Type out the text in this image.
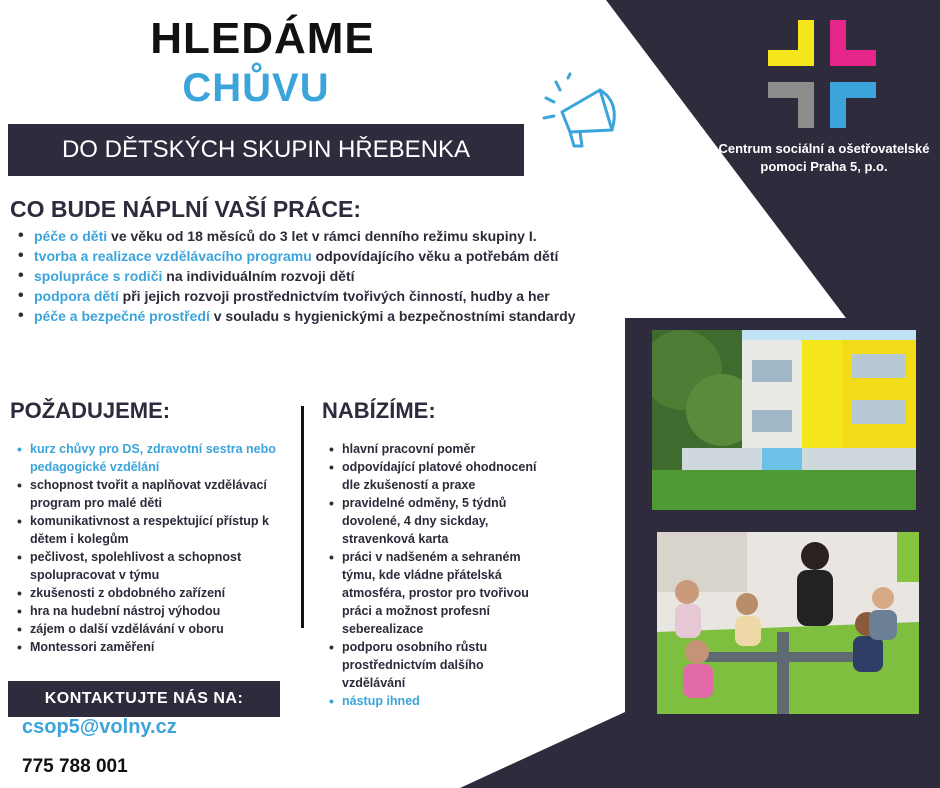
HLEDÁME
CHŮVU
DO DĚTSKÝCH SKUPIN HŘEBENKA	Centrum sociální a ošetřovatelské pomoci Praha 5, p.o.
CO BUDE NÁPLNÍ VAŠÍ PRÁCE:
• péče o děti ve věku od 18 měsíců do 3 let v rámci denního režimu skupiny I.
• tvorba a realizace vzdělávacího programu odpovídajícího věku a potřebám dětí
• spolupráce s rodiči na individuálním rozvoji dětí
• podpora dětí při jejich rozvoji prostřednictvím tvořivých činností, hudby a her
• péče a bezpečné prostředí v souladu s hygienickými a bezpečnostními standardy
POŽADUJEME:
• kurz chůvy pro DS, zdravotní sestra nebo pedagogické vzdělání
• schopnost tvořit a naplňovat vzdělávací program pro malé děti
• komunikativnost a respektující přístup k dětem i kolegům
• pečlivost, spolehlivost a schopnost spolupracovat v týmu
• zkušenosti z obdobného zařízení
• hra na hudební nástroj výhodou
• zájem o další vzdělávání v oboru
• Montessori zaměření
NABÍZÍME:
• hlavní pracovní poměr
• odpovídající platové ohodnocení dle zkušeností a praxe
• pravidelné odměny, 5 týdnů dovolené, 4 dny sickday, stravenková karta
• práci v nadšeném a sehraném týmu, kde vládne přátelská atmosféra, prostor pro tvořivou práci a možnost profesní seberealizace
• podporu osobního růstu prostřednictvím dalšího vzdělávání
• nástup ihned
KONTAKTUJTE NÁS NA:
csop5@volny.cz
775 788 001
